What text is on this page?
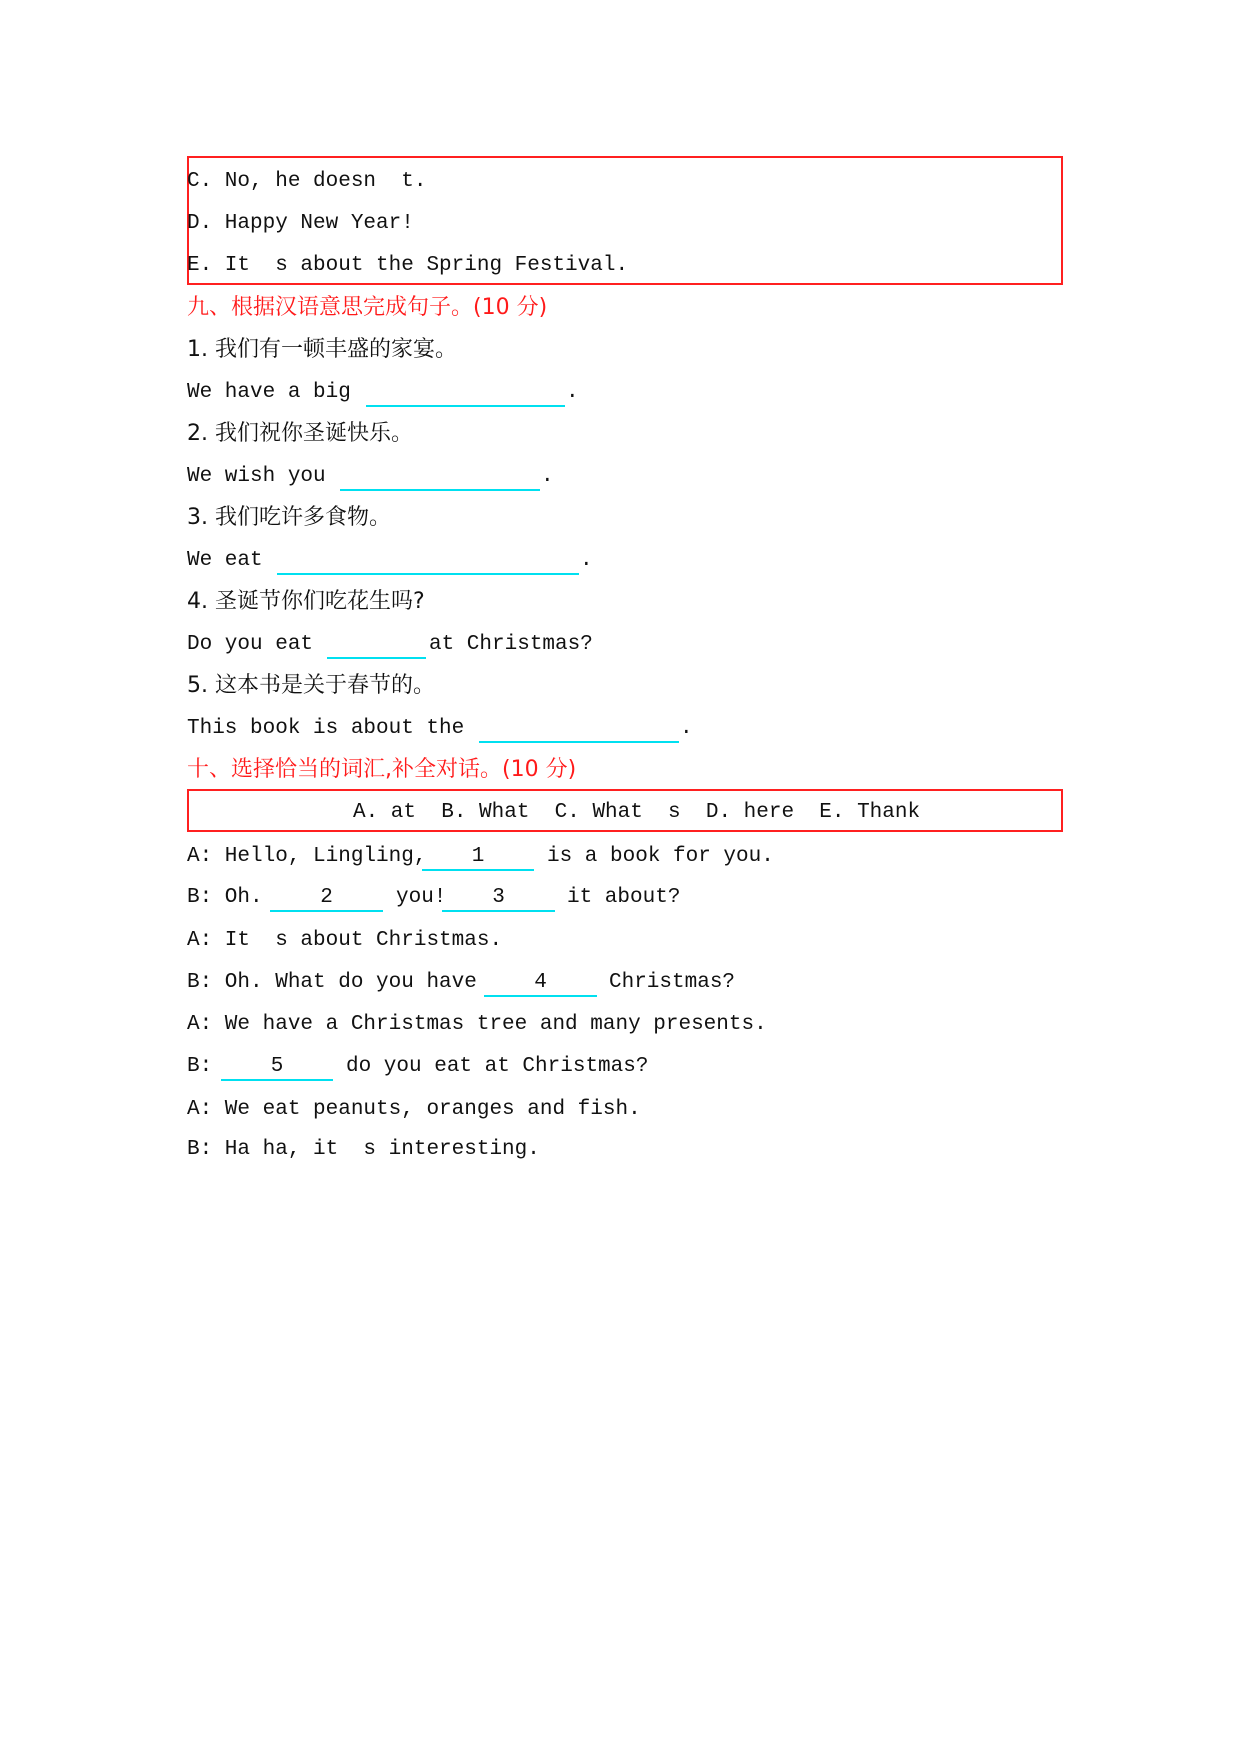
C. No, he doesn  t.
D. Happy New Year!
E. It  s about the Spring Festival.
九、根据汉语意思完成句子。(10 分)
1. 我们有一顿丰盛的家宴。
We have a big	.
2. 我们祝你圣诞快乐。
We wish you	.
3. 我们吃许多食物。
We eat	.
4. 圣诞节你们吃花生吗?
Do you eat	at Christmas?
5. 这本书是关于春节的。
This book is about the	.
十、选择恰当的词汇,补全对话。(10 分)
A. at  B. What  C. What  s  D. here  E. Thank
A: Hello, Lingling,	1	is a book for you.
B: Oh.	2	you!	3	it about?
A: It  s about Christmas.
B: Oh. What do you have	4	Christmas?
A: We have a Christmas tree and many presents.
B:	5	do you eat at Christmas?
A: We eat peanuts, oranges and fish.
B: Ha ha, it  s interesting.
